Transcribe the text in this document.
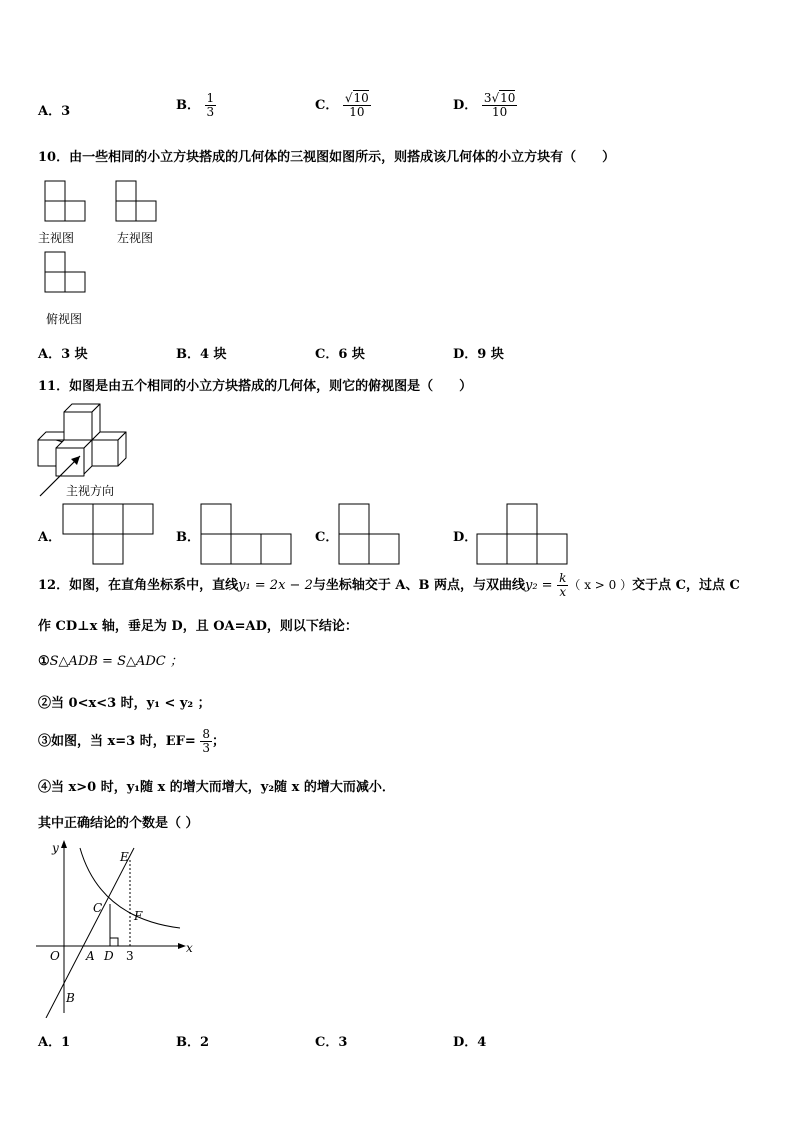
A．3	B． $\frac{1}{3}$	C． $\frac{√10}{10}$	D． $\frac{3√10}{10}$
10．由一些相同的小立方块搭成的几何体的三视图如图所示，则搭成该几何体的小立方块有（　　）
主视图	左视图
俯视图
A．3 块	B．4 块	C．6 块	D．9 块
11．如图是由五个相同的小立方块搭成的几何体，则它的俯视图是（　　）
主视方向
A．	B．	C．	D．
12．如图，在直角坐标系中，直线y₁ = 2x − 2与坐标轴交于 A、B 两点，与双曲线$y_2 = \frac{k}{x}$ （ x > 0 ）交于点 C，过点 C
作 CD⊥x 轴，垂足为 D，且 OA=AD，则以下结论：
①S△ADB = S△ADC ；
②当 0<x<3 时，y₁ < y₂ ；
③如图，当 x=3 时，$EF= \frac{8}{3}$ ；
④当 x>0 时，y₁随 x 的增大而增大，y₂随 x 的增大而减小．
其中正确结论的个数是（ ）
y
x
O A D 3
B
C
E
F
A．1	B．2	C．3	D．4
